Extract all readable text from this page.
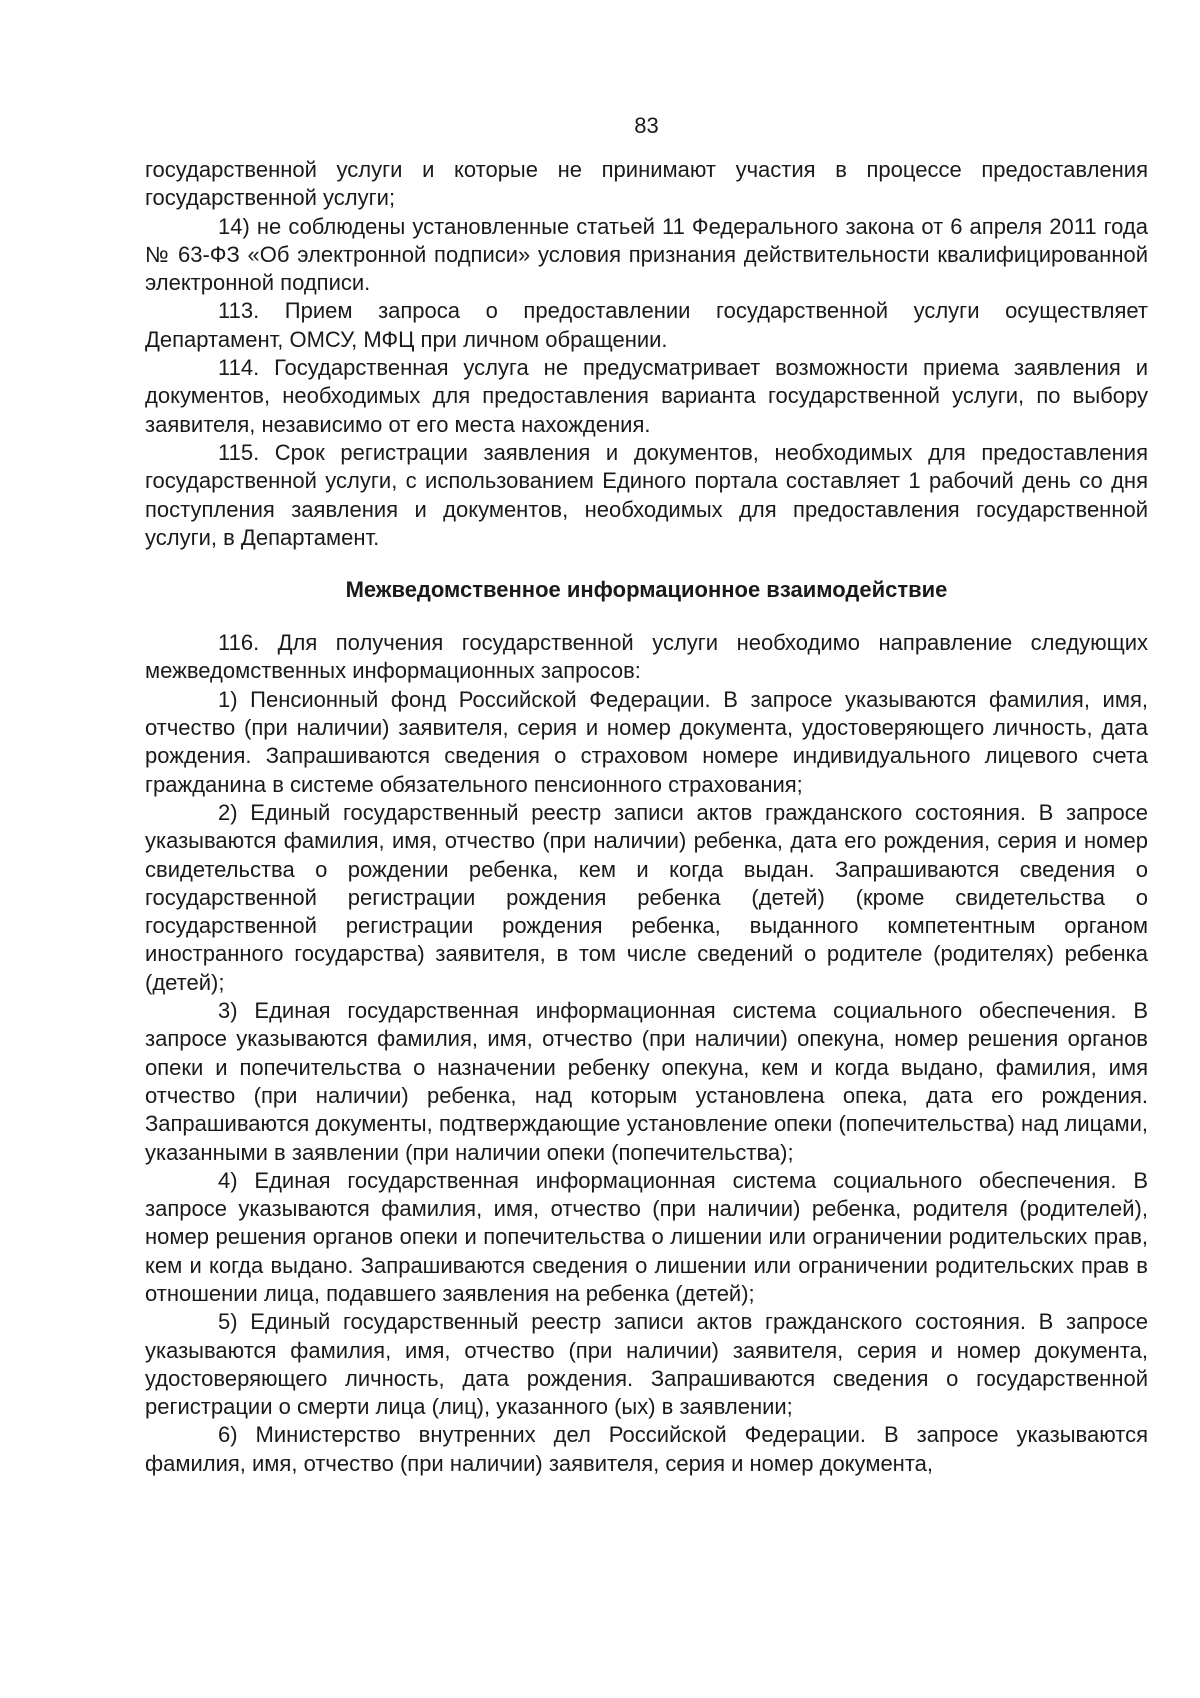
83

государственной услуги и которые не принимают участия в процессе предоставления государственной услуги;

14) не соблюдены установленные статьей 11 Федерального закона от 6 апреля 2011 года № 63-ФЗ «Об электронной подписи» условия признания действительности квалифицированной электронной подписи.

113. Прием запроса о предоставлении государственной услуги осуществляет Департамент, ОМСУ, МФЦ при личном обращении.

114. Государственная услуга не предусматривает возможности приема заявления и документов, необходимых для предоставления варианта государственной услуги, по выбору заявителя, независимо от его места нахождения.

115. Срок регистрации заявления и документов, необходимых для предоставления государственной услуги, с использованием Единого портала составляет 1 рабочий день со дня поступления заявления и документов, необходимых для предоставления государственной услуги, в Департамент.

Межведомственное информационное взаимодействие

116. Для получения государственной услуги необходимо направление следующих межведомственных информационных запросов:

1) Пенсионный фонд Российской Федерации. В запросе указываются фамилия, имя, отчество (при наличии) заявителя, серия и номер документа, удостоверяющего личность, дата рождения. Запрашиваются сведения о страховом номере индивидуального лицевого счета гражданина в системе обязательного пенсионного страхования;

2) Единый государственный реестр записи актов гражданского состояния. В запросе указываются фамилия, имя, отчество (при наличии) ребенка, дата его рождения, серия и номер свидетельства о рождении ребенка, кем и когда выдан. Запрашиваются сведения о государственной регистрации рождения ребенка (детей) (кроме свидетельства о государственной регистрации рождения ребенка, выданного компетентным органом иностранного государства) заявителя, в том числе сведений о родителе (родителях) ребенка (детей);

3) Единая государственная информационная система социального обеспечения. В запросе указываются фамилия, имя, отчество (при наличии) опекуна, номер решения органов опеки и попечительства о назначении ребенку опекуна, кем и когда выдано, фамилия, имя отчество (при наличии) ребенка, над которым установлена опека, дата его рождения. Запрашиваются документы, подтверждающие установление опеки (попечительства) над лицами, указанными в заявлении (при наличии опеки (попечительства);

4) Единая государственная информационная система социального обеспечения. В запросе указываются фамилия, имя, отчество (при наличии) ребенка, родителя (родителей), номер решения органов опеки и попечительства о лишении или ограничении родительских прав, кем и когда выдано. Запрашиваются сведения о лишении или ограничении родительских прав в отношении лица, подавшего заявления на ребенка (детей);

5) Единый государственный реестр записи актов гражданского состояния. В запросе указываются фамилия, имя, отчество (при наличии) заявителя, серия и номер документа, удостоверяющего личность, дата рождения. Запрашиваются сведения о государственной регистрации о смерти лица (лиц), указанного (ых) в заявлении;

6) Министерство внутренних дел Российской Федерации. В запросе указываются фамилия, имя, отчество (при наличии) заявителя, серия и номер документа,
